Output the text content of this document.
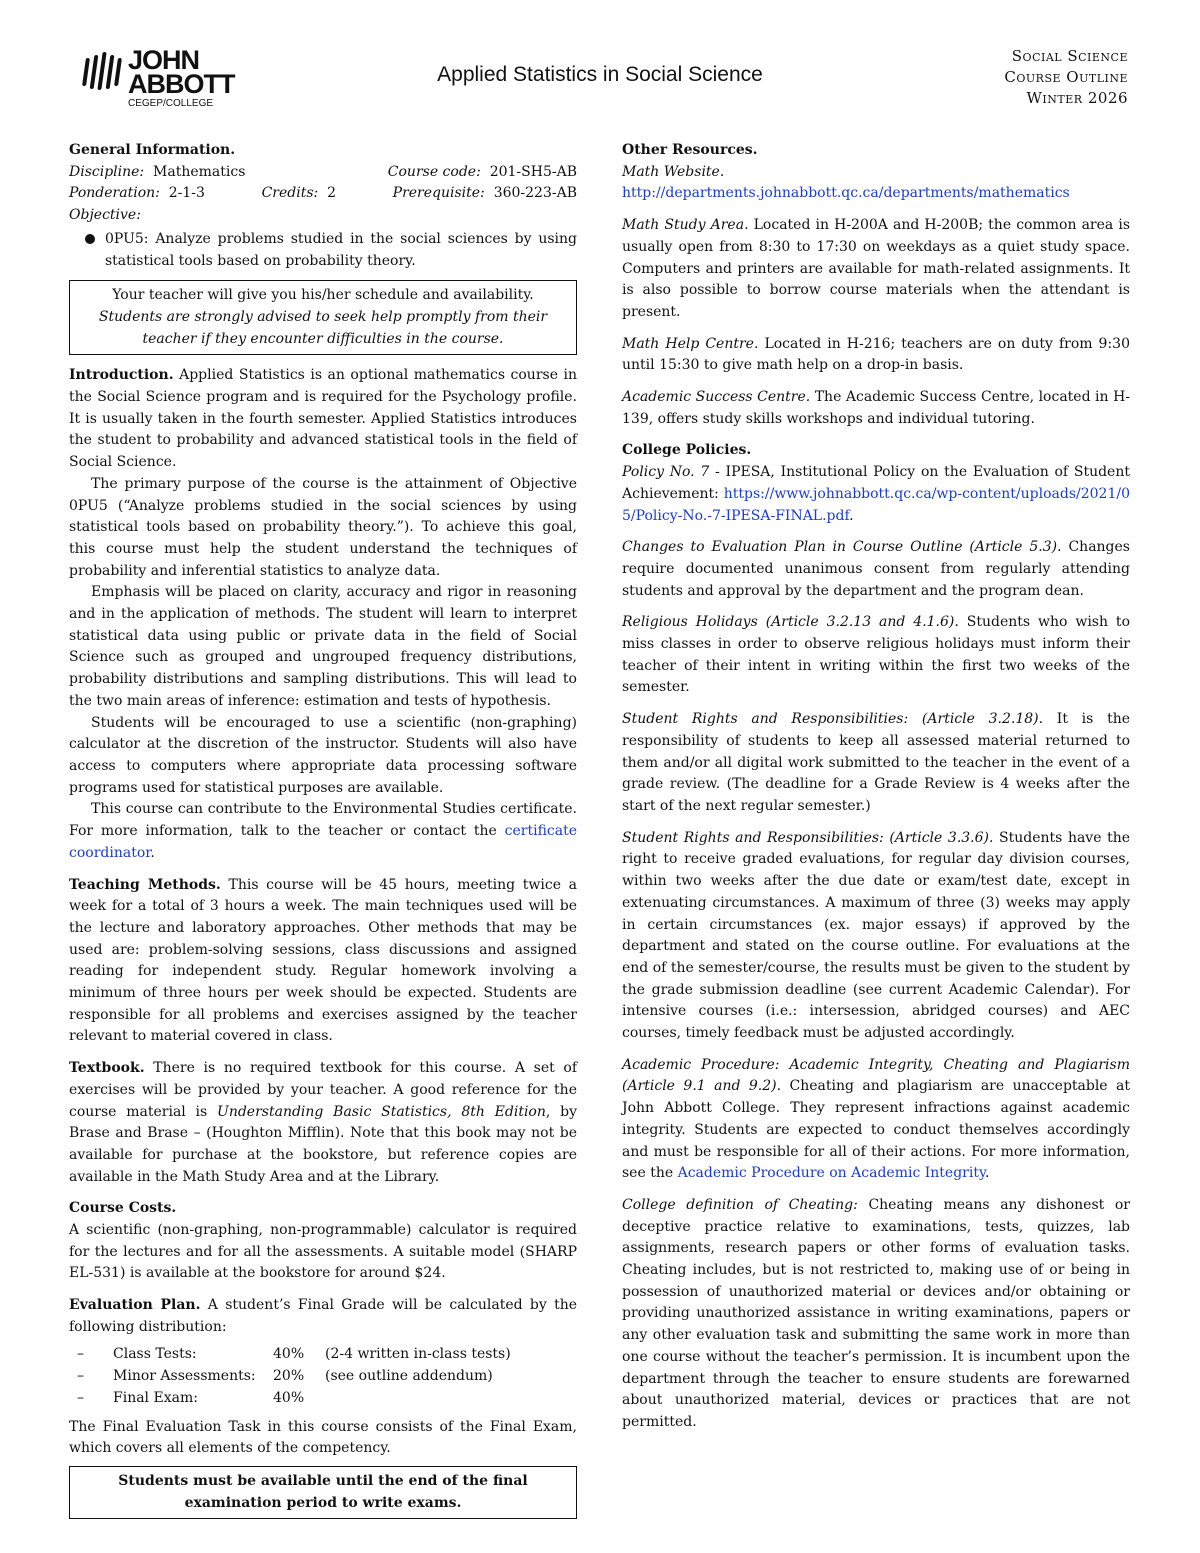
JOHN
ABBOTT
CEGEP/COLLEGE
Applied Statistics in Social Science
Social Science
Course Outline
Winter 2026
General Information.
Discipline: Mathematics	Course code: 201-SH5-AB
Ponderation: 2-1-3	Credits: 2	Prerequisite: 360-223-AB
Objective:
0PU5: Analyze problems studied in the social sciences by using statistical tools based on probability theory.
Your teacher will give you his/her schedule and availability.
Students are strongly advised to seek help promptly from their teacher if they encounter difficulties in the course.

Introduction. Applied Statistics is an optional mathematics course in the Social Science program and is required for the Psychology profile. It is usually taken in the fourth semester. Applied Statistics introduces the student to probability and advanced statistical tools in the field of Social Science.

The primary purpose of the course is the attainment of Objective 0PU5 (“Analyze problems studied in the social sciences by using statistical tools based on probability theory.”). To achieve this goal, this course must help the student understand the techniques of probability and inferential statistics to analyze data.

Emphasis will be placed on clarity, accuracy and rigor in reasoning and in the application of methods. The student will learn to interpret statistical data using public or private data in the field of Social Science such as grouped and ungrouped frequency distributions, probability distributions and sampling distributions. This will lead to the two main areas of inference: estimation and tests of hypothesis.

Students will be encouraged to use a scientific (non-graphing) calculator at the discretion of the instructor. Students will also have access to computers where appropriate data processing software programs used for statistical purposes are available.

This course can contribute to the Environmental Studies certificate. For more information, talk to the teacher or contact the certificate coordinator.

Teaching Methods. This course will be 45 hours, meeting twice a week for a total of 3 hours a week. The main techniques used will be the lecture and laboratory approaches. Other methods that may be used are: problem-solving sessions, class discussions and assigned reading for independent study. Regular homework involving a minimum of three hours per week should be expected. Students are responsible for all problems and exercises assigned by the teacher relevant to material covered in class.

Textbook. There is no required textbook for this course. A set of exercises will be provided by your teacher. A good reference for the course material is Understanding Basic Statistics, 8th Edition, by Brase and Brase – (Houghton Mifflin). Note that this book may not be available for purchase at the bookstore, but reference copies are available in the Math Study Area and at the Library.

Course Costs.

A scientific (non-graphing, non-programmable) calculator is required for the lectures and for all the assessments. A suitable model (SHARP EL-531) is available at the bookstore for around $24.

Evaluation Plan. A student’s Final Grade will be calculated by the following distribution:

–	Class Tests:	40%	(2-4 written in-class tests)
–	Minor Assessments:	20%	(see outline addendum)
–	Final Exam:	40%

The Final Evaluation Task in this course consists of the Final Exam, which covers all elements of the competency.

Students must be available until the end of the final examination period to write exams.
Other Resources.
Math Website.

http://departments.johnabbott.qc.ca/departments/mathematics

Math Study Area. Located in H-200A and H-200B; the common area is usually open from 8:30 to 17:30 on weekdays as a quiet study space. Computers and printers are available for math-related assignments. It is also possible to borrow course materials when the attendant is present.

Math Help Centre. Located in H-216; teachers are on duty from 9:30 until 15:30 to give math help on a drop-in basis.

Academic Success Centre. The Academic Success Centre, located in H-139, offers study skills workshops and individual tutoring.

College Policies.

Policy No. 7 - IPESA, Institutional Policy on the Evaluation of Student Achievement: https://www.johnabbott.qc.ca/wp-content/uploads/2021/05/Policy-No.-7-IPESA-FINAL.pdf.

Changes to Evaluation Plan in Course Outline (Article 5.3). Changes require documented unanimous consent from regularly attending students and approval by the department and the program dean.

Religious Holidays (Article 3.2.13 and 4.1.6). Students who wish to miss classes in order to observe religious holidays must inform their teacher of their intent in writing within the first two weeks of the semester.

Student Rights and Responsibilities: (Article 3.2.18). It is the responsibility of students to keep all assessed material returned to them and/or all digital work submitted to the teacher in the event of a grade review. (The deadline for a Grade Review is 4 weeks after the start of the next regular semester.)

Student Rights and Responsibilities: (Article 3.3.6). Students have the right to receive graded evaluations, for regular day division courses, within two weeks after the due date or exam/test date, except in extenuating circumstances. A maximum of three (3) weeks may apply in certain circumstances (ex. major essays) if approved by the department and stated on the course outline. For evaluations at the end of the semester/course, the results must be given to the student by the grade submission deadline (see current Academic Calendar). For intensive courses (i.e.: intersession, abridged courses) and AEC courses, timely feedback must be adjusted accordingly.

Academic Procedure: Academic Integrity, Cheating and Plagiarism (Article 9.1 and 9.2). Cheating and plagiarism are unacceptable at John Abbott College. They represent infractions against academic integrity. Students are expected to conduct themselves accordingly and must be responsible for all of their actions. For more information, see the Academic Procedure on Academic Integrity.

College definition of Cheating: Cheating means any dishonest or deceptive practice relative to examinations, tests, quizzes, lab assignments, research papers or other forms of evaluation tasks. Cheating includes, but is not restricted to, making use of or being in possession of unauthorized material or devices and/or obtaining or providing unauthorized assistance in writing examinations, papers or any other evaluation task and submitting the same work in more than one course without the teacher’s permission. It is incumbent upon the department through the teacher to ensure students are forewarned about unauthorized material, devices or practices that are not permitted.
